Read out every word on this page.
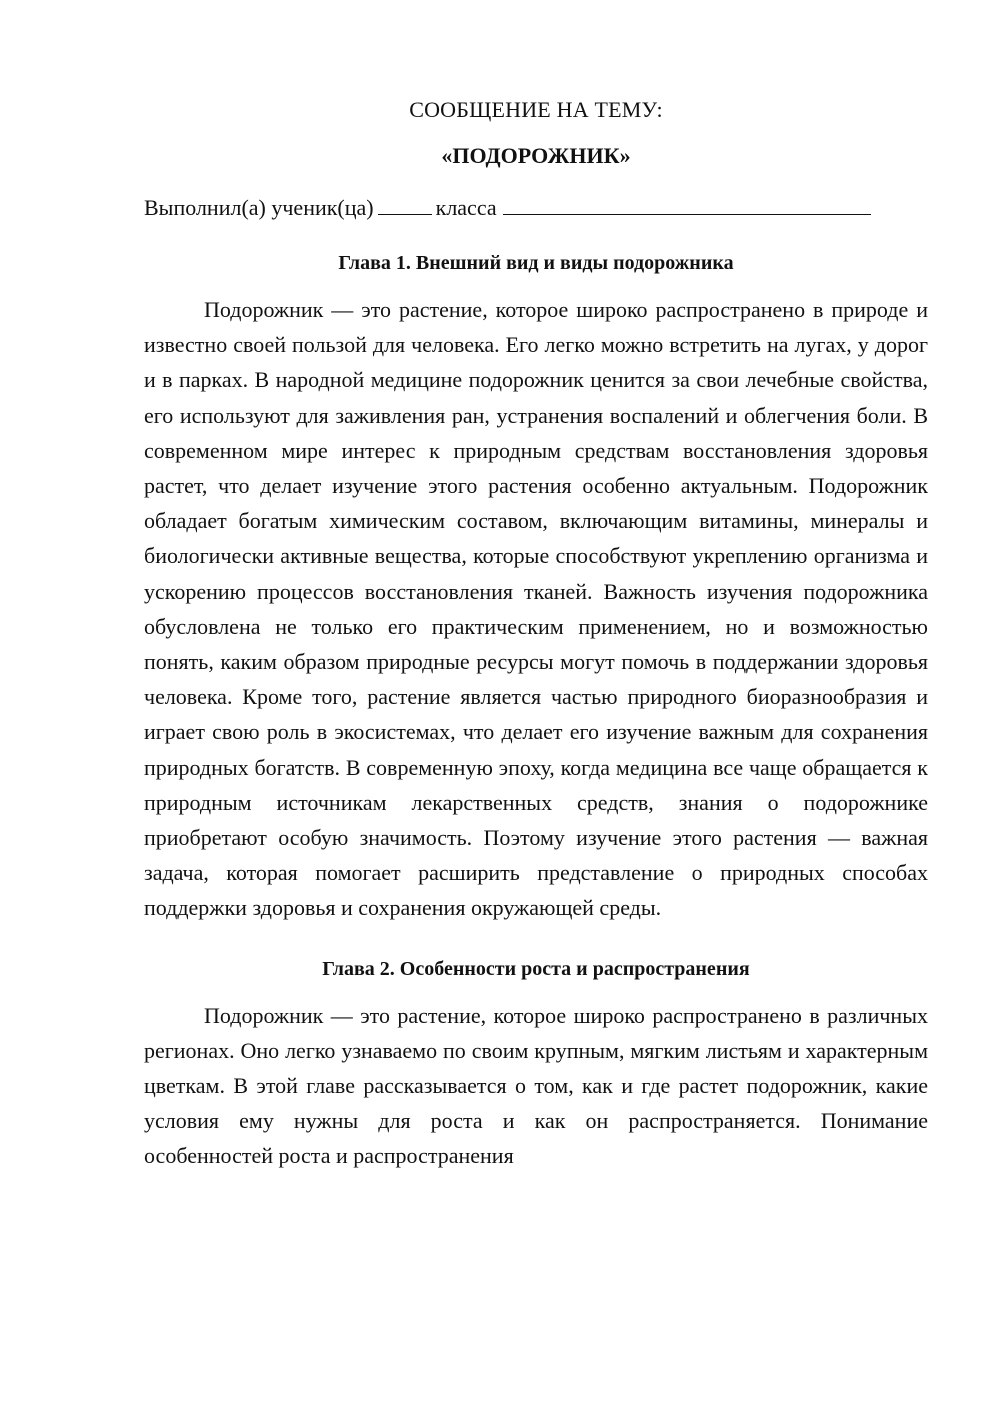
СООБЩЕНИЕ НА ТЕМУ:

«ПОДОРОЖНИК»

Выполнил(а) ученик(ца)	класса

Глава 1. Внешний вид и виды подорожника

Подорожник — это растение, которое широко распространено в природе и известно своей пользой для человека. Его легко можно встретить на лугах, у дорог и в парках. В народной медицине подорожник ценится за свои лечебные свойства, его используют для заживления ран, устранения воспалений и облегчения боли. В современном мире интерес к природным средствам восстановления здоровья растет, что делает изучение этого растения особенно актуальным. Подорожник обладает богатым химическим составом, включающим витамины, минералы и биологически активные вещества, которые способствуют укреплению организма и ускорению процессов восстановления тканей. Важность изучения подорожника обусловлена не только его практическим применением, но и возможностью понять, каким образом природные ресурсы могут помочь в поддержании здоровья человека. Кроме того, растение является частью природного биоразнообразия и играет свою роль в экосистемах, что делает его изучение важным для сохранения природных богатств. В современную эпоху, когда медицина все чаще обращается к природным источникам лекарственных средств, знания о подорожнике приобретают особую значимость. Поэтому изучение этого растения — важная задача, которая помогает расширить представление о природных способах поддержки здоровья и сохранения окружающей среды.

Глава 2. Особенности роста и распространения

Подорожник — это растение, которое широко распространено в различных регионах. Оно легко узнаваемо по своим крупным, мягким листьям и характерным цветкам. В этой главе рассказывается о том, как и где растет подорожник, какие условия ему нужны для роста и как он распространяется. Понимание особенностей роста и распространения
